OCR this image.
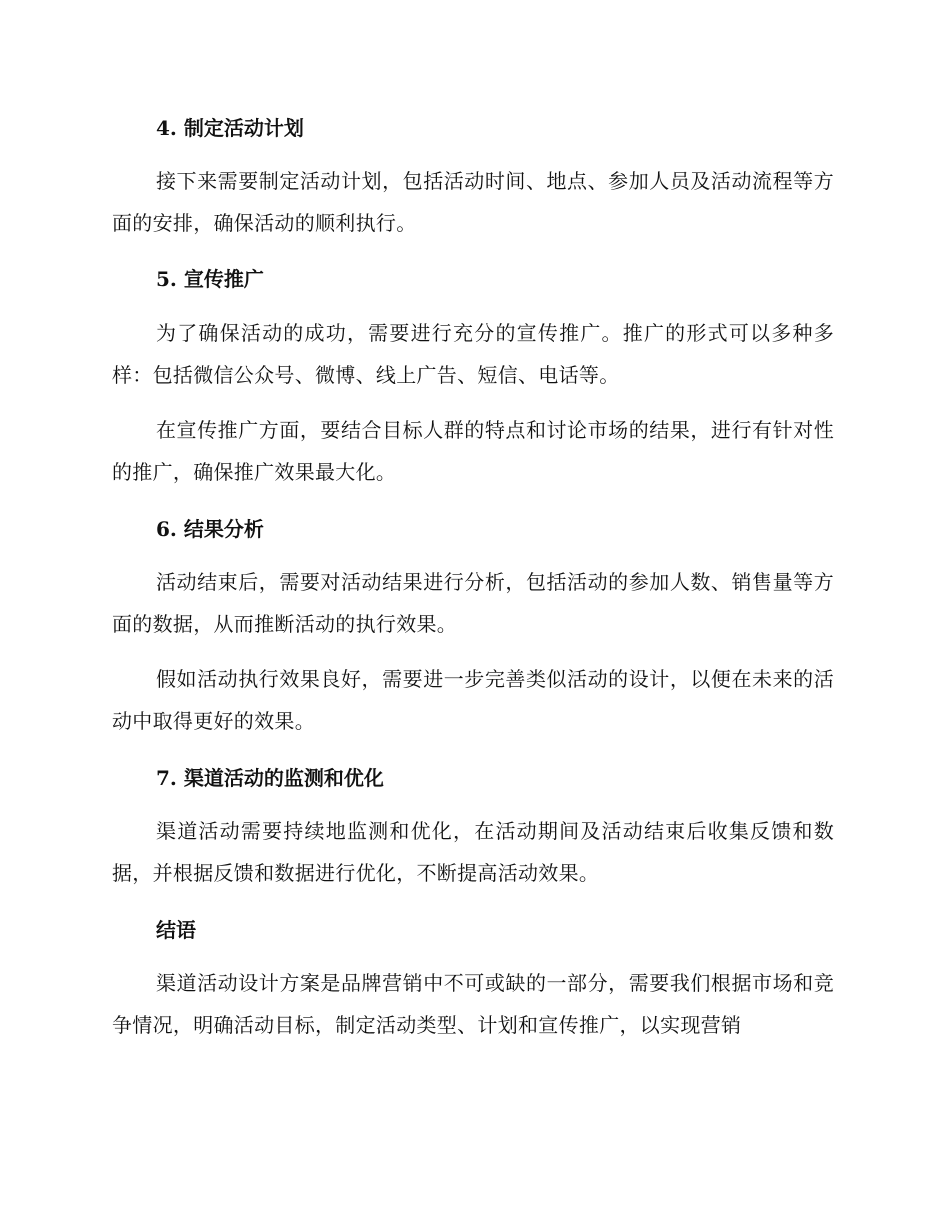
4. 制定活动计划

接下来需要制定活动计划，包括活动时间、地点、参加人员及活动流程等方面的安排，确保活动的顺利执行。

5. 宣传推广

为了确保活动的成功，需要进行充分的宣传推广。推广的形式可以多种多样：包括微信公众号、微博、线上广告、短信、电话等。

在宣传推广方面，要结合目标人群的特点和讨论市场的结果，进行有针对性的推广，确保推广效果最大化。

6. 结果分析

活动结束后，需要对活动结果进行分析，包括活动的参加人数、销售量等方面的数据，从而推断活动的执行效果。

假如活动执行效果良好，需要进一步完善类似活动的设计，以便在未来的活动中取得更好的效果。

7. 渠道活动的监测和优化

渠道活动需要持续地监测和优化，在活动期间及活动结束后收集反馈和数据，并根据反馈和数据进行优化，不断提高活动效果。

结语

渠道活动设计方案是品牌营销中不可或缺的一部分，需要我们根据市场和竞争情况，明确活动目标，制定活动类型、计划和宣传推广，以实现营销
